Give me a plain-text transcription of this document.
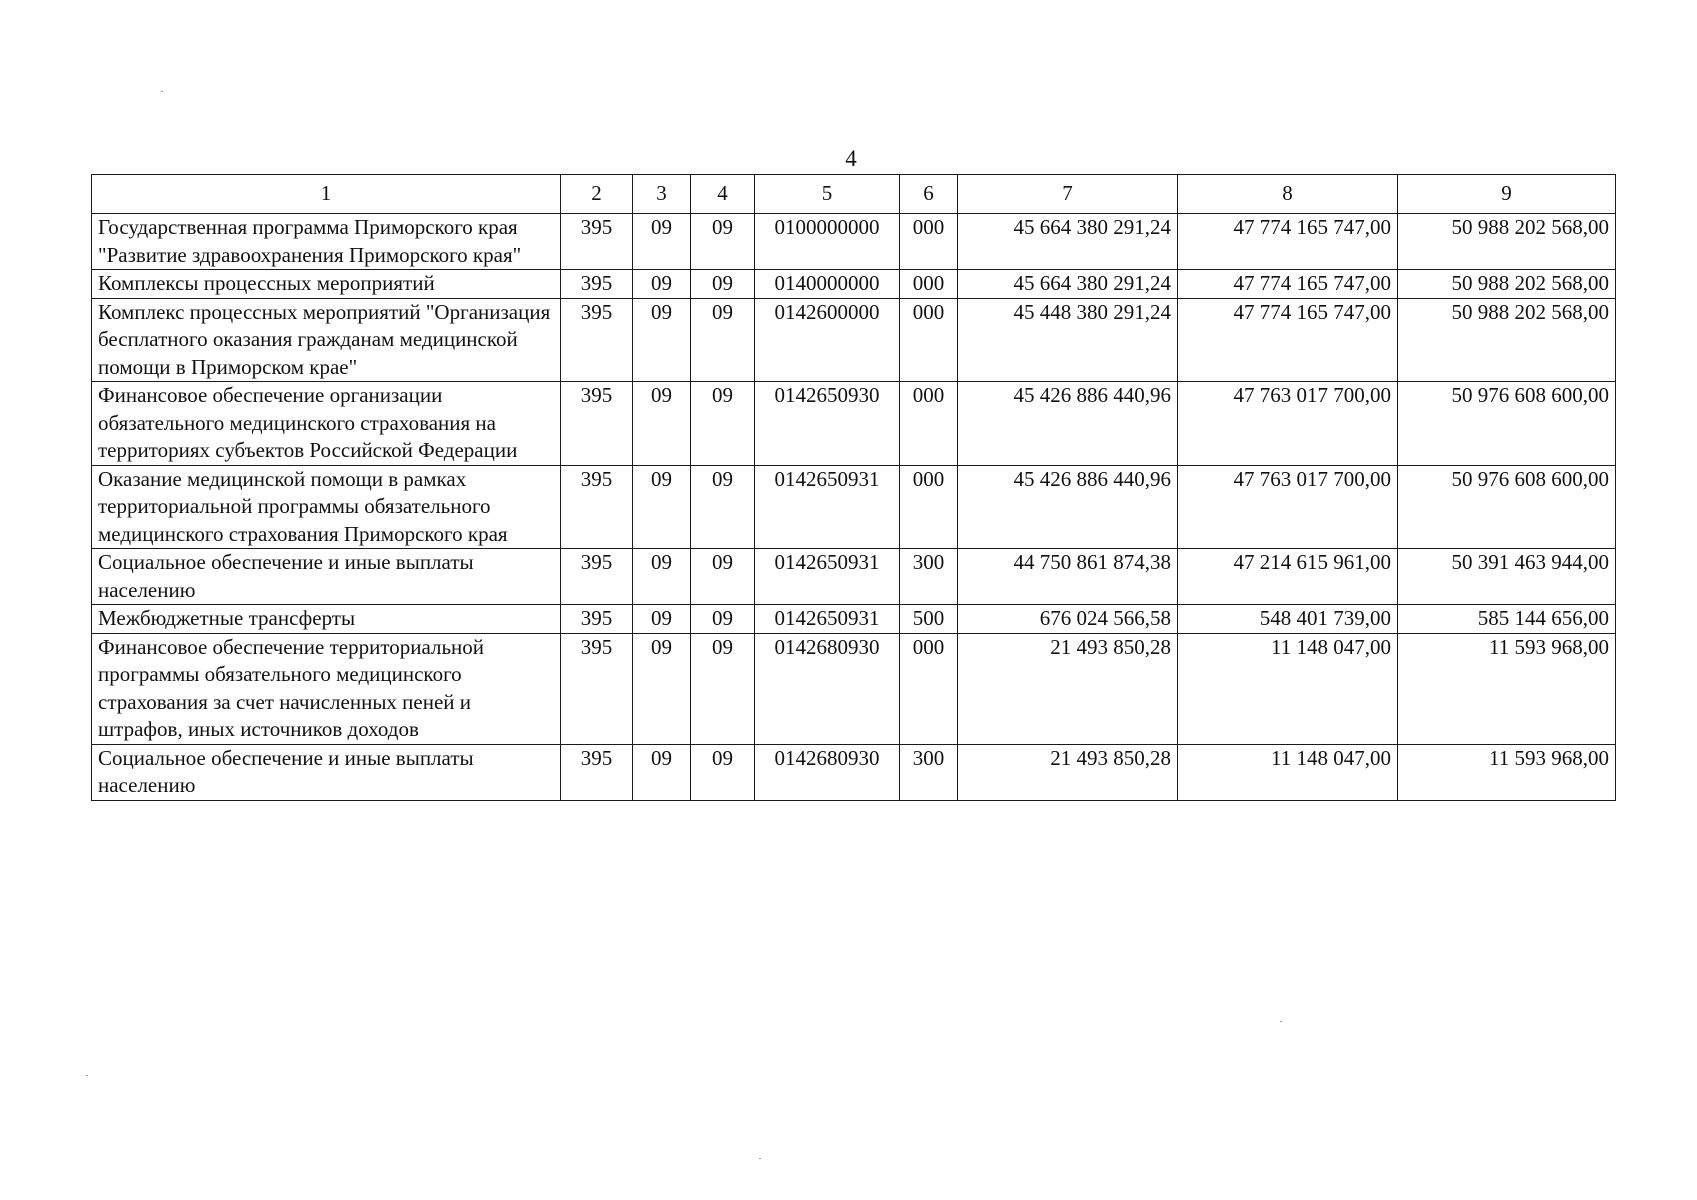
4
1	2	3	4	5	6	7	8	9
Государственная программа Приморского края "Развитие здравоохранения Приморского края"	395	09	09	0100000000	000	45 664 380 291,24	47 774 165 747,00	50 988 202 568,00
Комплексы процессных мероприятий	395	09	09	0140000000	000	45 664 380 291,24	47 774 165 747,00	50 988 202 568,00
Комплекс процессных мероприятий "Организация бесплатного оказания гражданам медицинской помощи в Приморском крае"	395	09	09	0142600000	000	45 448 380 291,24	47 774 165 747,00	50 988 202 568,00
Финансовое обеспечение организации обязательного медицинского страхования на территориях субъектов Российской Федерации	395	09	09	0142650930	000	45 426 886 440,96	47 763 017 700,00	50 976 608 600,00
Оказание медицинской помощи в рамках территориальной программы обязательного медицинского страхования Приморского края	395	09	09	0142650931	000	45 426 886 440,96	47 763 017 700,00	50 976 608 600,00
Социальное обеспечение и иные выплаты населению	395	09	09	0142650931	300	44 750 861 874,38	47 214 615 961,00	50 391 463 944,00
Межбюджетные трансферты	395	09	09	0142650931	500	676 024 566,58	548 401 739,00	585 144 656,00
Финансовое обеспечение территориальной программы обязательного медицинского страхования за счет начисленных пеней и штрафов, иных источников доходов	395	09	09	0142680930	000	21 493 850,28	11 148 047,00	11 593 968,00
Социальное обеспечение и иные выплаты населению	395	09	09	0142680930	300	21 493 850,28	11 148 047,00	11 593 968,00
